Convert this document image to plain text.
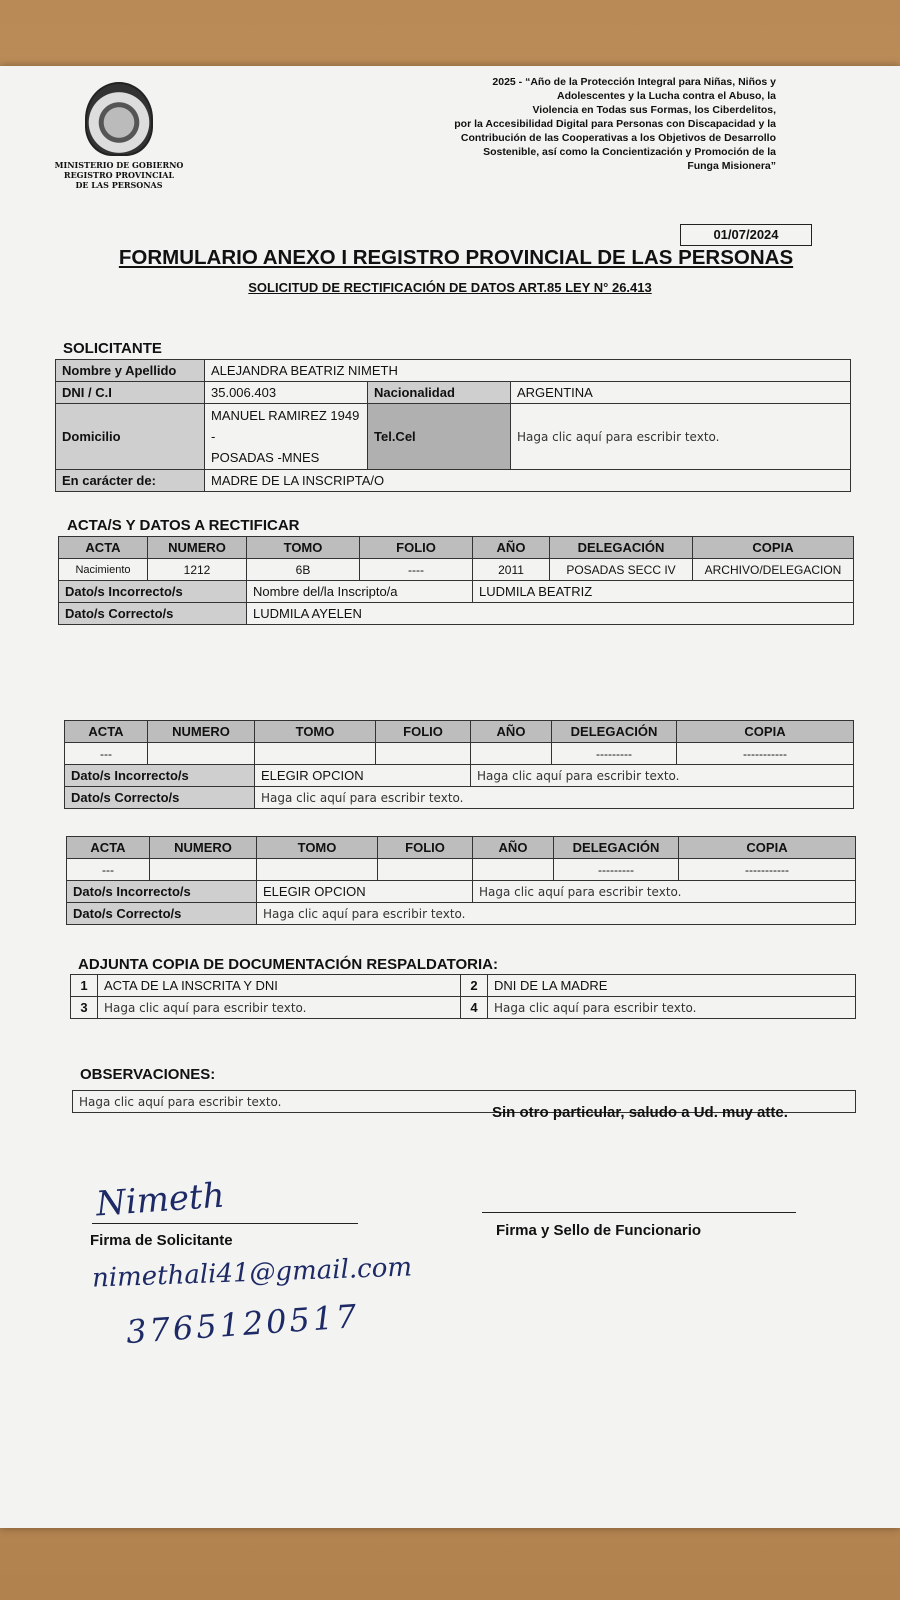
MINISTERIO DE GOBIERNO
REGISTRO PROVINCIAL
DE LAS PERSONAS
2025 - “Año de la Protección Integral para Niñas, Niños y
Adolescentes y la Lucha contra el Abuso, la
Violencia en Todas sus Formas, los Ciberdelitos,
por la Accesibilidad Digital para Personas con Discapacidad y la
Contribución de las Cooperativas a los Objetivos de Desarrollo
Sostenible, así como la Concientización y Promoción de la
Funga Misionera”
01/07/2024
FORMULARIO ANEXO I REGISTRO PROVINCIAL DE LAS PERSONAS
SOLICITUD DE RECTIFICACIÓN DE DATOS ART.85 LEY N° 26.413
SOLICITANTE
Nombre y Apellido	ALEJANDRA BEATRIZ NIMETH		
DNI / C.I	35.006.403	Nacionalidad	ARGENTINA
Domicilio	MANUEL RAMIREZ 1949 -
POSADAS -MNES	Tel.Cel	Haga clic aquí para escribir texto.
En carácter de:	MADRE DE LA INSCRIPTA/O		
ACTA/S Y DATOS A RECTIFICAR
ACTA	NUMERO	TOMO	FOLIO	AÑO	DELEGACIÓN	COPIA
Nacimiento	1212	6B	----	2011	POSADAS SECC IV	ARCHIVO/DELEGACION
Dato/s Incorrecto/s		Nombre del/la Inscripto/a		LUDMILA BEATRIZ		
Dato/s Correcto/s		LUDMILA AYELEN				
ACTA	NUMERO	TOMO	FOLIO	AÑO	DELEGACIÓN	COPIA
---					---------	-----------
Dato/s Incorrecto/s		ELEGIR OPCION		Haga clic aquí para escribir texto.		
Dato/s Correcto/s		Haga clic aquí para escribir texto.				
ACTA	NUMERO	TOMO	FOLIO	AÑO	DELEGACIÓN	COPIA
---					---------	-----------
Dato/s Incorrecto/s		ELEGIR OPCION		Haga clic aquí para escribir texto.		
Dato/s Correcto/s		Haga clic aquí para escribir texto.				
ADJUNTA COPIA DE DOCUMENTACIÓN RESPALDATORIA:
1	ACTA DE LA INSCRITA Y DNI	2	DNI DE LA MADRE
3	Haga clic aquí para escribir texto.	4	Haga clic aquí para escribir texto.
OBSERVACIONES:
Haga clic aquí para escribir texto.
Sin otro particular, saludo a Ud. muy atte.
Nimeth
Firma de Solicitante
Firma y Sello de Funcionario
nimethali41@gmail.com
3765120517
